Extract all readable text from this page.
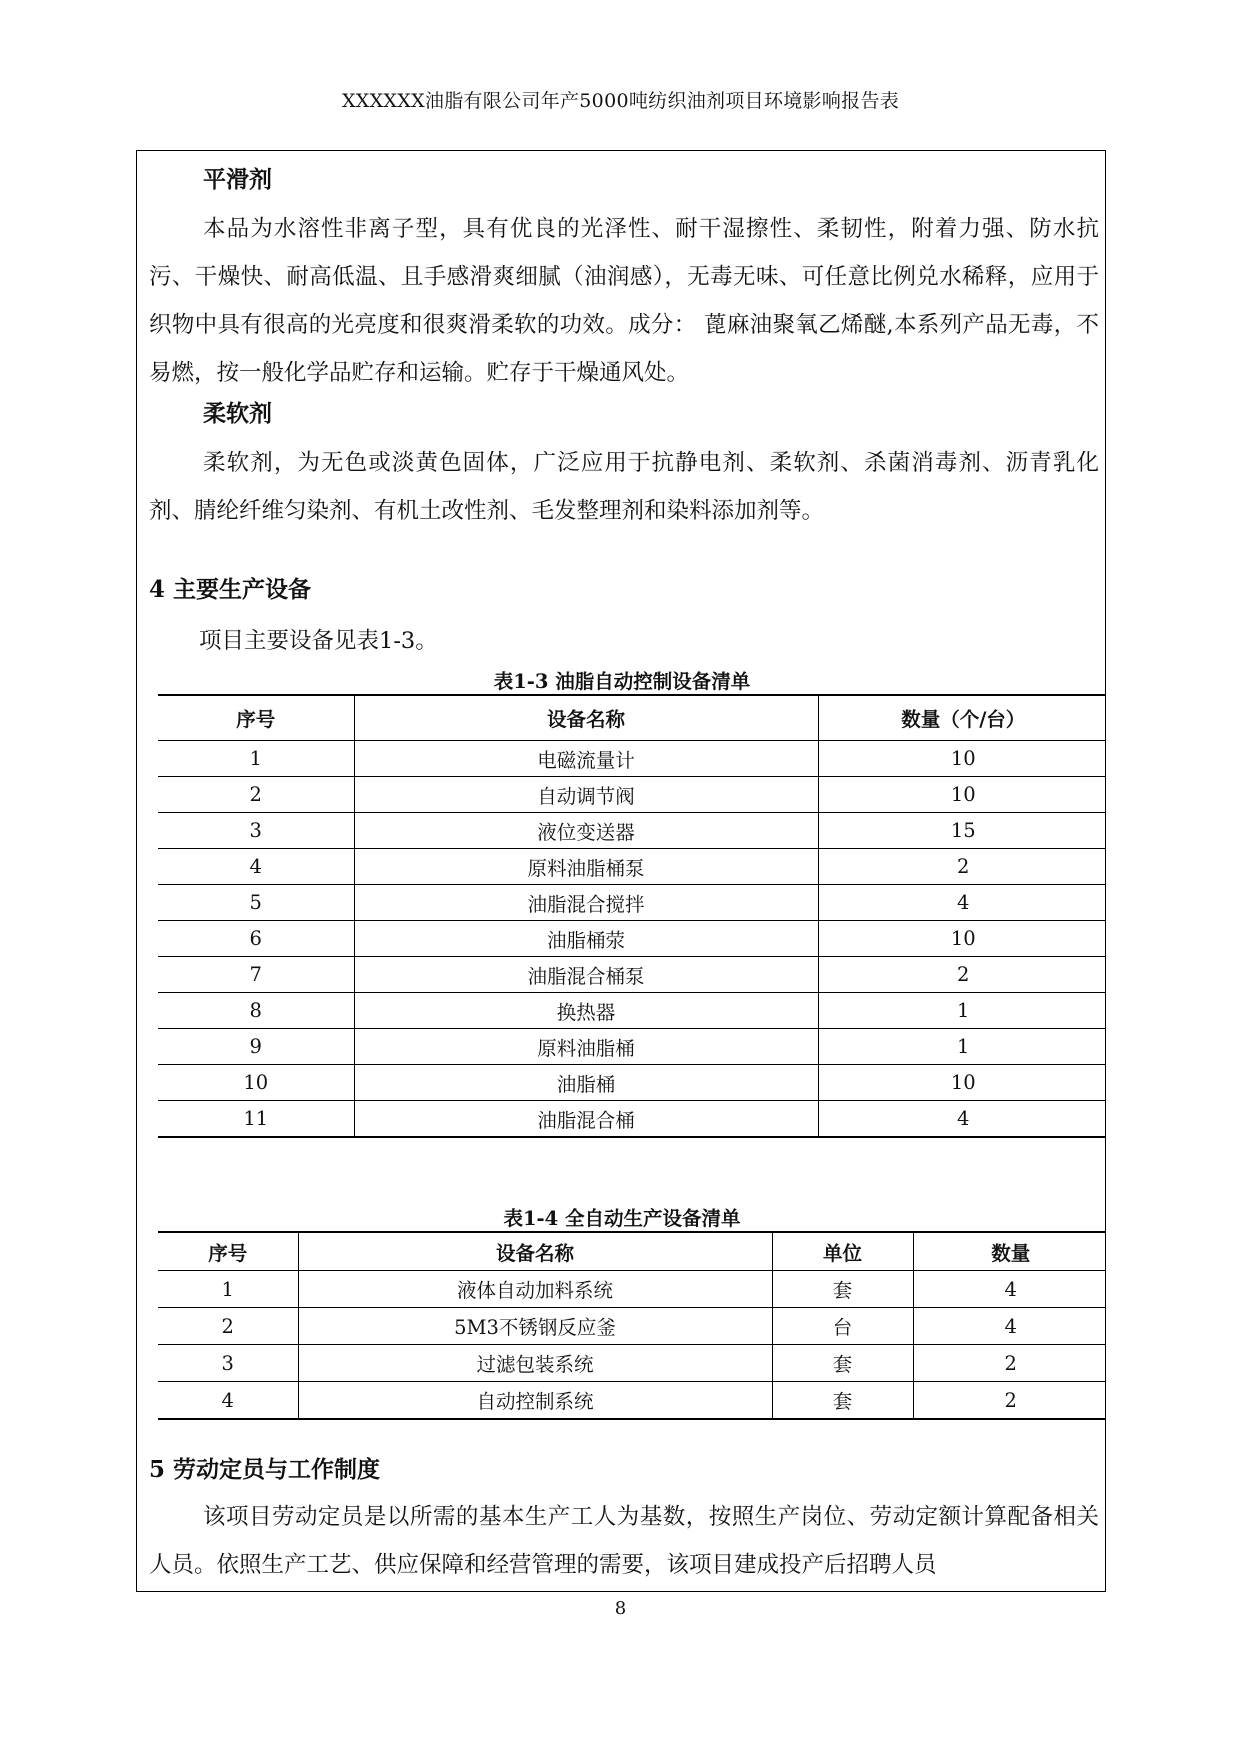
XXXXXX油脂有限公司年产5000吨纺织油剂项目环境影响报告表
平滑剂
本品为水溶性非离子型，具有优良的光泽性、耐干湿擦性、柔韧性，附着力强、防水抗污、干燥快、耐高低温、且手感滑爽细腻（油润感），无毒无味、可任意比例兑水稀释，应用于织物中具有很高的光亮度和很爽滑柔软的功效。成分： 蓖麻油聚氧乙烯醚,本系列产品无毒，不易燃，按一般化学品贮存和运输。贮存于干燥通风处。
柔软剂
柔软剂，为无色或淡黄色固体，广泛应用于抗静电剂、柔软剂、杀菌消毒剂、沥青乳化剂、腈纶纤维匀染剂、有机土改性剂、毛发整理剂和染料添加剂等。
4 主要生产设备
项目主要设备见表1-3。
表1-3 油脂自动控制设备清单
序号	设备名称	数量（个/台）
1	电磁流量计	10
2	自动调节阀	10
3	液位变送器	15
4	原料油脂桶泵	2
5	油脂混合搅拌	4
6	油脂桶荥	10
7	油脂混合桶泵	2
8	换热器	1
9	原料油脂桶	1
10	油脂桶	10
11	油脂混合桶	4
表1-4 全自动生产设备清单
序号	设备名称	单位	数量
1	液体自动加料系统	套	4
2	5M3不锈钢反应釜	台	4
3	过滤包装系统	套	2
4	自动控制系统	套	2
5 劳动定员与工作制度
该项目劳动定员是以所需的基本生产工人为基数，按照生产岗位、劳动定额计算配备相关人员。依照生产工艺、供应保障和经营管理的需要，该项目建成投产后招聘人员
8
